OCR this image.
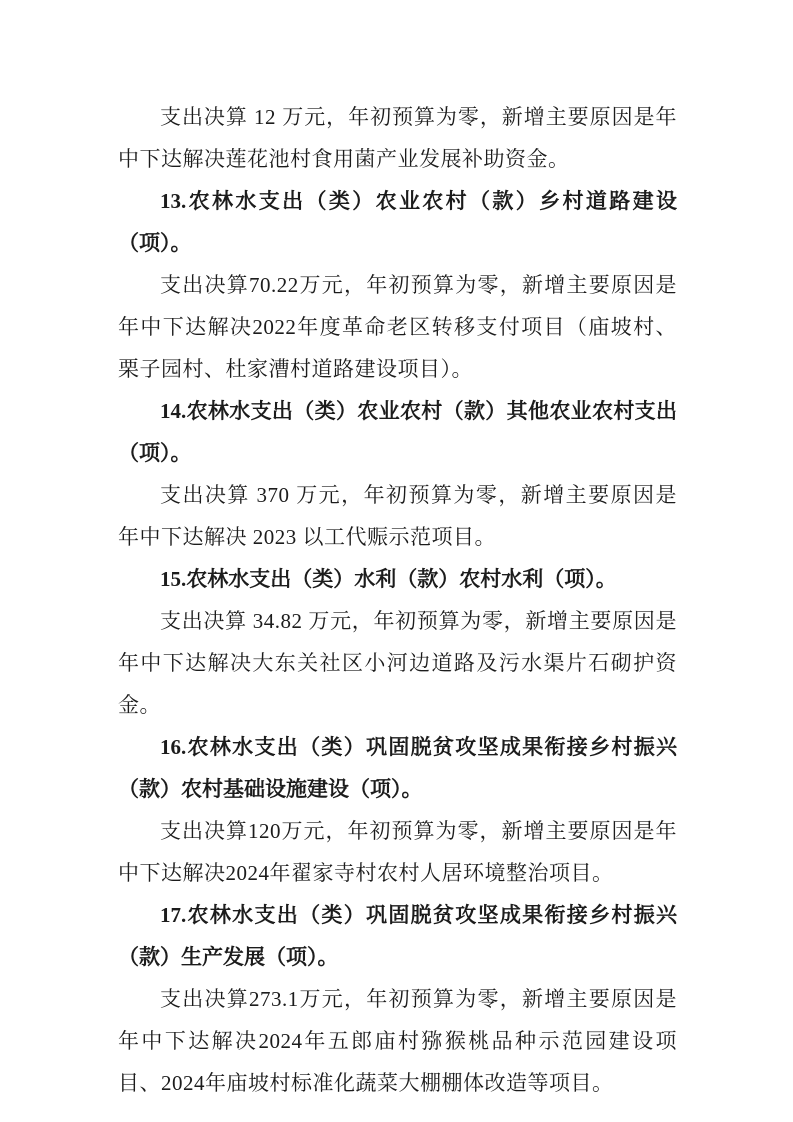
支出决算 12 万元，年初预算为零，新增主要原因是年中下达解决莲花池村食用菌产业发展补助资金。

13.农林水支出（类）农业农村（款）乡村道路建设（项）。

支出决算70.22万元，年初预算为零，新增主要原因是年中下达解决2022年度革命老区转移支付项目（庙坡村、栗子园村、杜家漕村道路建设项目）。

14.农林水支出（类）农业农村（款）其他农业农村支出（项）。

支出决算 370 万元，年初预算为零，新增主要原因是年中下达解决 2023 以工代赈示范项目。

15.农林水支出（类）水利（款）农村水利（项）。

支出决算 34.82 万元，年初预算为零，新增主要原因是年中下达解决大东关社区小河边道路及污水渠片石砌护资金。

16.农林水支出（类）巩固脱贫攻坚成果衔接乡村振兴（款）农村基础设施建设（项）。

支出决算120万元，年初预算为零，新增主要原因是年中下达解决2024年翟家寺村农村人居环境整治项目。

17.农林水支出（类）巩固脱贫攻坚成果衔接乡村振兴（款）生产发展（项）。

支出决算273.1万元，年初预算为零，新增主要原因是年中下达解决2024年五郎庙村猕猴桃品种示范园建设项目、2024年庙坡村标准化蔬菜大棚棚体改造等项目。
